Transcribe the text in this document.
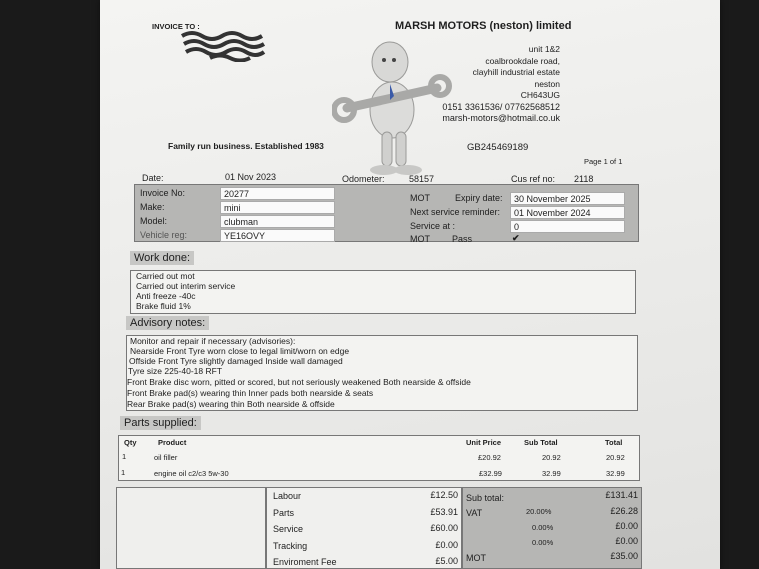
INVOICE TO :	MARSH MOTORS (neston) limited
unit 1&2
coalbrookdale road,
clayhill industrial estate
neston
CH643UG
0151 3361536/ 07762568512
marsh-motors@hotmail.co.uk
Family run business. Established 1983	GB245469189
Page 1 of 1
Date:	01 Nov 2023	Odometer:	58157	Cus ref no: 2118
Invoice No:	20277
Make:	mini
Model:	clubman
Vehicle reg:	YE16OVY
MOT	Expiry date:	30 November 2025
Next service reminder:	01 November 2024
Service at :	0
MOT Pass	✔
Work done:
Carried out mot
Carried out interim service
Anti freeze -40c
Brake fluid 1%
Advisory notes:
Monitor and repair if necessary (advisories):
Nearside Front Tyre worn close to legal limit/worn on edge
Offside Front Tyre slightly damaged Inside wall damaged
Tyre size 225-40-18 RFT
Front Brake disc worn, pitted or scored, but not seriously weakened Both nearside & offside
Front Brake pad(s) wearing thin Inner pads both nearside & seats
Rear Brake pad(s) wearing thin Both nearside & offside
Parts supplied:
Qty	Product	Unit Price	Sub Total	Total
1	oil filler	£20.92	20.92	20.92
1	engine oil c2/c3 5w-30	£32.99	32.99	32.99
Labour	£12.50
Parts	£53.91
Service	£60.00
Tracking	£0.00
Enviroment Fee	£5.00
Sub total:	£131.41
VAT	20.00%	£26.28
0.00%	£0.00
0.00%	£0.00
MOT	£35.00
